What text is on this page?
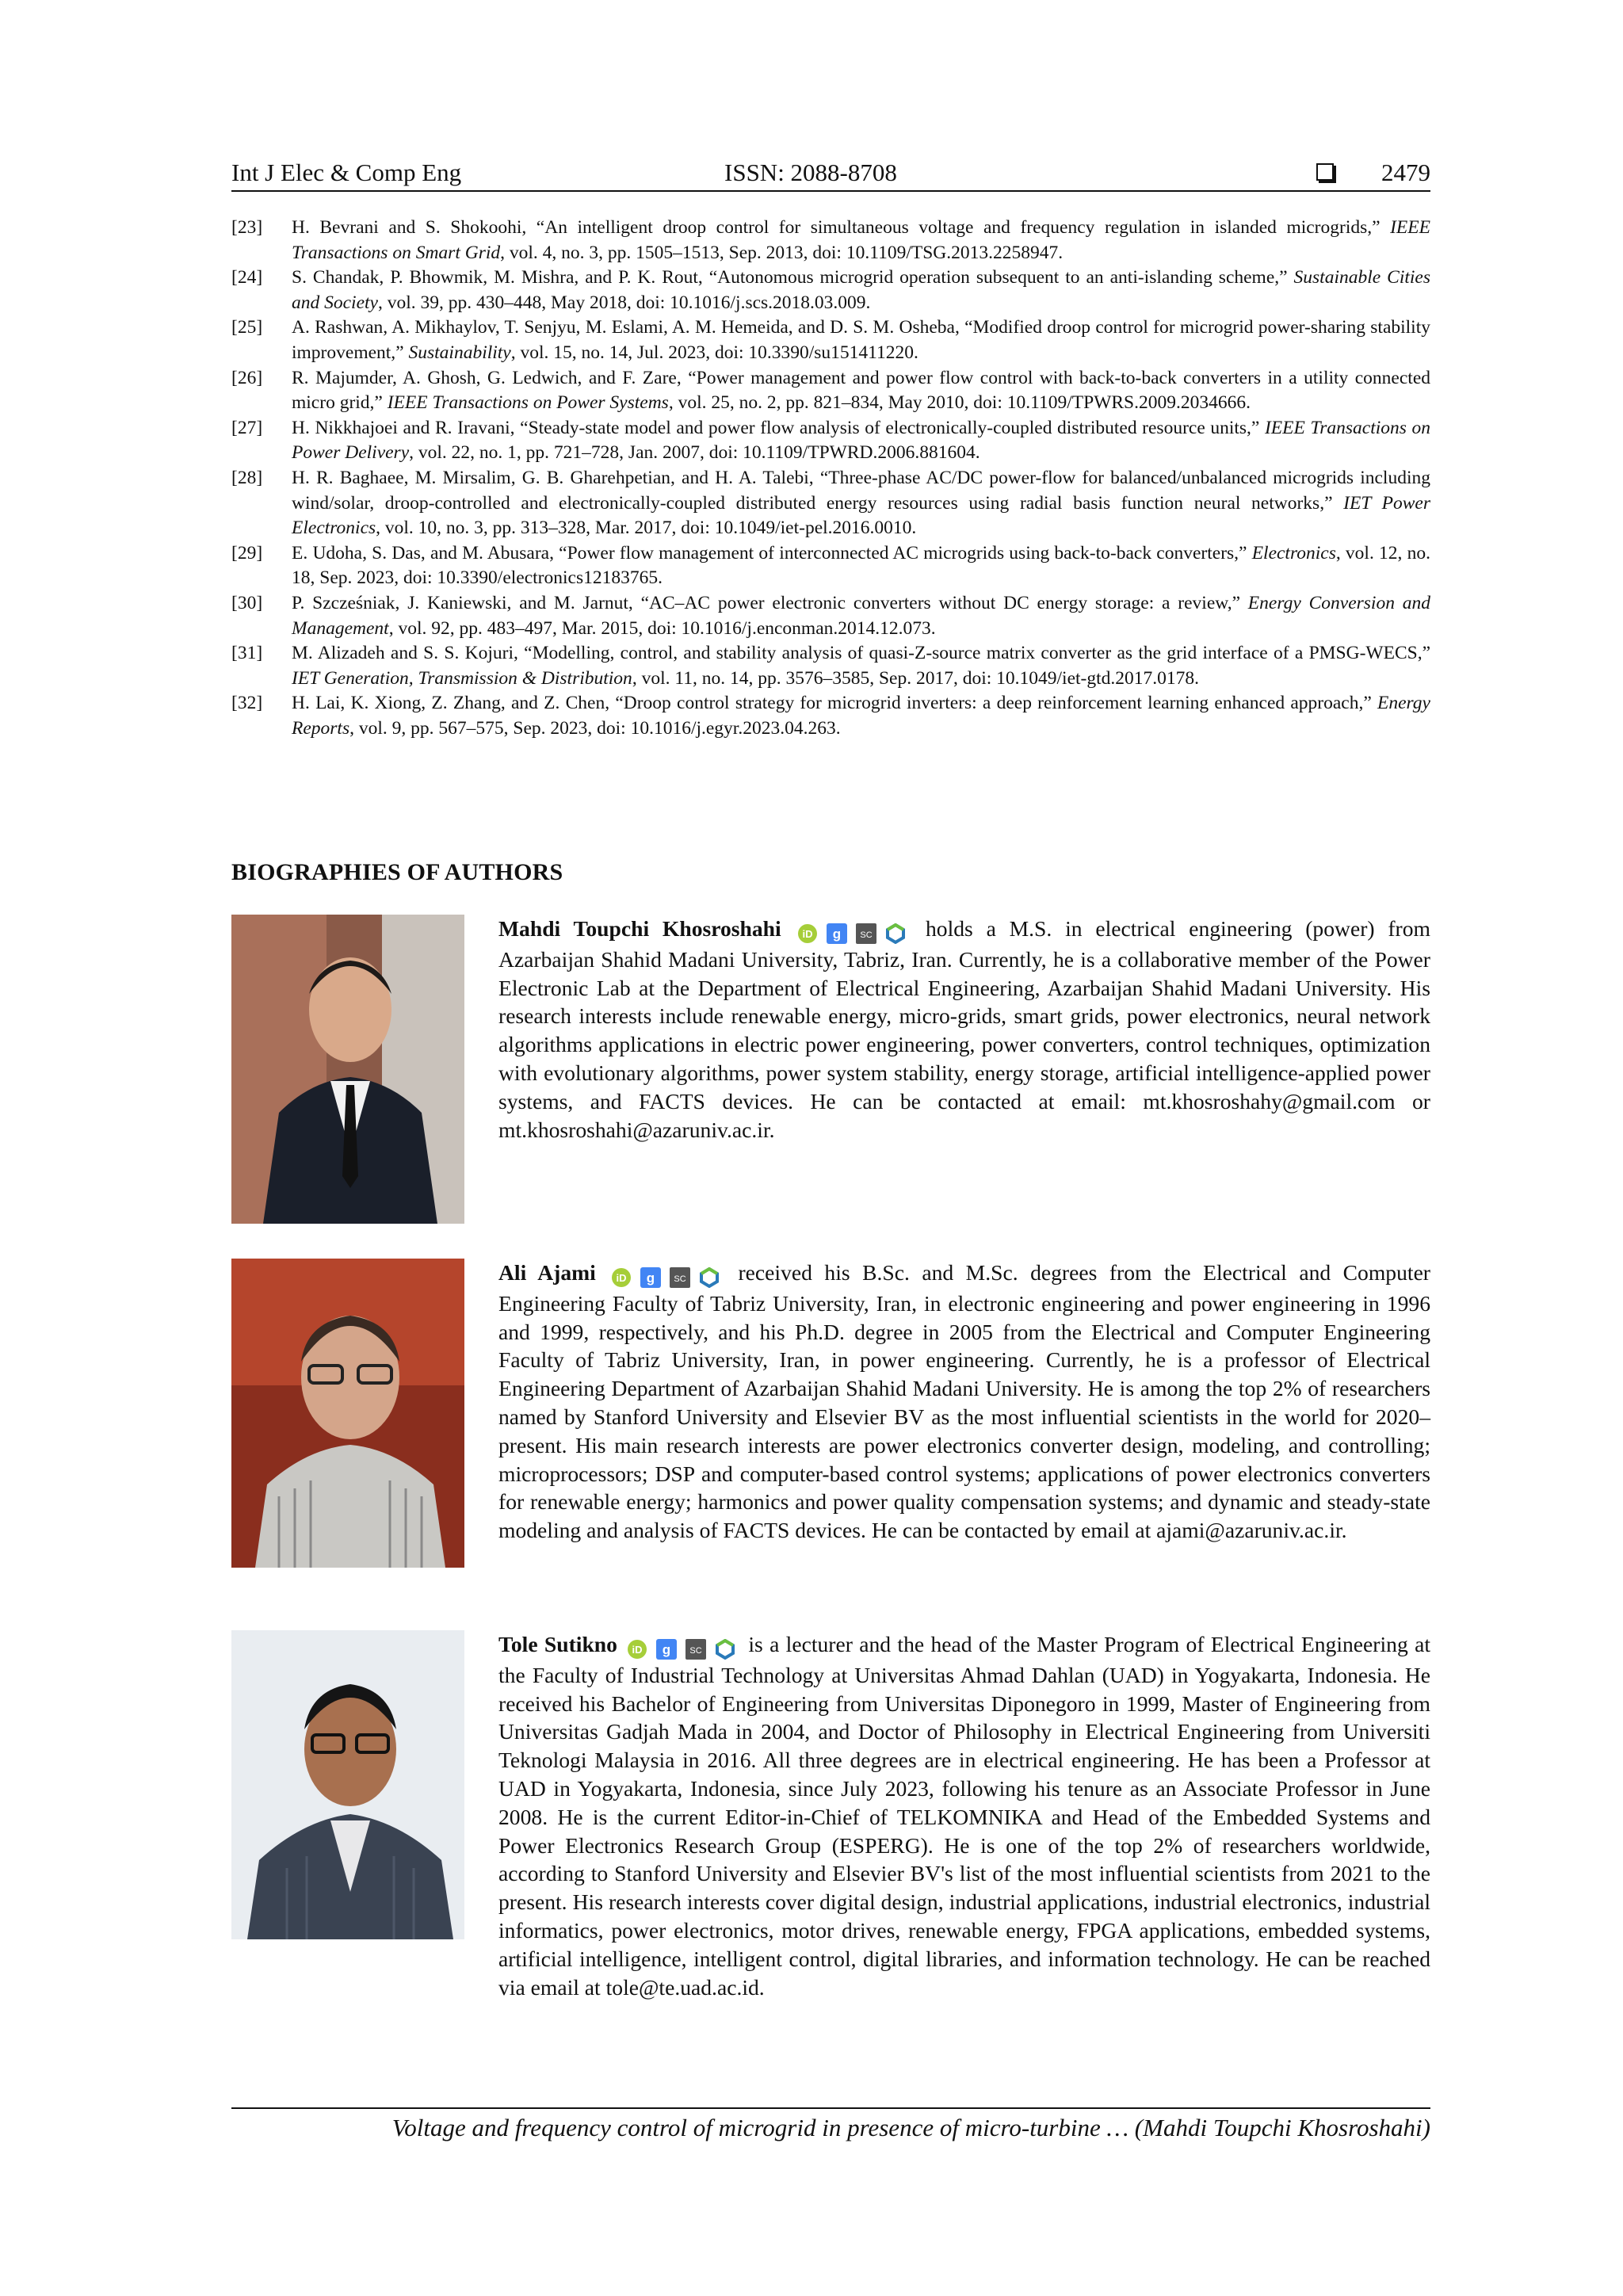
Int J Elec & Comp Eng	ISSN: 2088-8708	2479
[23] H. Bevrani and S. Shokoohi, “An intelligent droop control for simultaneous voltage and frequency regulation in islanded microgrids,” IEEE Transactions on Smart Grid, vol. 4, no. 3, pp. 1505–1513, Sep. 2013, doi: 10.1109/TSG.2013.2258947.
[24] S. Chandak, P. Bhowmik, M. Mishra, and P. K. Rout, “Autonomous microgrid operation subsequent to an anti-islanding scheme,” Sustainable Cities and Society, vol. 39, pp. 430–448, May 2018, doi: 10.1016/j.scs.2018.03.009.
[25] A. Rashwan, A. Mikhaylov, T. Senjyu, M. Eslami, A. M. Hemeida, and D. S. M. Osheba, “Modified droop control for microgrid power-sharing stability improvement,” Sustainability, vol. 15, no. 14, Jul. 2023, doi: 10.3390/su151411220.
[26] R. Majumder, A. Ghosh, G. Ledwich, and F. Zare, “Power management and power flow control with back-to-back converters in a utility connected micro grid,” IEEE Transactions on Power Systems, vol. 25, no. 2, pp. 821–834, May 2010, doi: 10.1109/TPWRS.2009.2034666.
[27] H. Nikkhajoei and R. Iravani, “Steady-state model and power flow analysis of electronically-coupled distributed resource units,” IEEE Transactions on Power Delivery, vol. 22, no. 1, pp. 721–728, Jan. 2007, doi: 10.1109/TPWRD.2006.881604.
[28] H. R. Baghaee, M. Mirsalim, G. B. Gharehpetian, and H. A. Talebi, “Three-phase AC/DC power-flow for balanced/unbalanced microgrids including wind/solar, droop-controlled and electronically-coupled distributed energy resources using radial basis function neural networks,” IET Power Electronics, vol. 10, no. 3, pp. 313–328, Mar. 2017, doi: 10.1049/iet-pel.2016.0010.
[29] E. Udoha, S. Das, and M. Abusara, “Power flow management of interconnected AC microgrids using back-to-back converters,” Electronics, vol. 12, no. 18, Sep. 2023, doi: 10.3390/electronics12183765.
[30] P. Szcześniak, J. Kaniewski, and M. Jarnut, “AC–AC power electronic converters without DC energy storage: a review,” Energy Conversion and Management, vol. 92, pp. 483–497, Mar. 2015, doi: 10.1016/j.enconman.2014.12.073.
[31] M. Alizadeh and S. S. Kojuri, “Modelling, control, and stability analysis of quasi-Z-source matrix converter as the grid interface of a PMSG-WECS,” IET Generation, Transmission & Distribution, vol. 11, no. 14, pp. 3576–3585, Sep. 2017, doi: 10.1049/iet-gtd.2017.0178.
[32] H. Lai, K. Xiong, Z. Zhang, and Z. Chen, “Droop control strategy for microgrid inverters: a deep reinforcement learning enhanced approach,” Energy Reports, vol. 9, pp. 567–575, Sep. 2023, doi: 10.1016/j.egyr.2023.04.263.
BIOGRAPHIES OF AUTHORS
Mahdi Toupchi Khosroshahi iD
g
SC holds a M.S. in electrical engineering (power) from Azarbaijan Shahid Madani University, Tabriz, Iran. Currently, he is a collaborative member of the Power Electronic Lab at the Department of Electrical Engineering, Azarbaijan Shahid Madani University. His research interests include renewable energy, micro-grids, smart grids, power electronics, neural network algorithms applications in electric power engineering, power converters, control techniques, optimization with evolutionary algorithms, power system stability, energy storage, artificial intelligence-applied power systems, and FACTS devices. He can be contacted at email: mt.khosroshahy@gmail.com or mt.khosroshahi@azaruniv.ac.ir.
Ali Ajami iD
g
SC received his B.Sc. and M.Sc. degrees from the Electrical and Computer Engineering Faculty of Tabriz University, Iran, in electronic engineering and power engineering in 1996 and 1999, respectively, and his Ph.D. degree in 2005 from the Electrical and Computer Engineering Faculty of Tabriz University, Iran, in power engineering. Currently, he is a professor of Electrical Engineering Department of Azarbaijan Shahid Madani University. He is among the top 2% of researchers named by Stanford University and Elsevier BV as the most influential scientists in the world for 2020–present. His main research interests are power electronics converter design, modeling, and controlling; microprocessors; DSP and computer-based control systems; applications of power electronics converters for renewable energy; harmonics and power quality compensation systems; and dynamic and steady-state modeling and analysis of FACTS devices. He can be contacted by email at ajami@azaruniv.ac.ir.
Tole Sutikno iD
g
SC is a lecturer and the head of the Master Program of Electrical Engineering at the Faculty of Industrial Technology at Universitas Ahmad Dahlan (UAD) in Yogyakarta, Indonesia. He received his Bachelor of Engineering from Universitas Diponegoro in 1999, Master of Engineering from Universitas Gadjah Mada in 2004, and Doctor of Philosophy in Electrical Engineering from Universiti Teknologi Malaysia in 2016. All three degrees are in electrical engineering. He has been a Professor at UAD in Yogyakarta, Indonesia, since July 2023, following his tenure as an Associate Professor in June 2008. He is the current Editor-in-Chief of TELKOMNIKA and Head of the Embedded Systems and Power Electronics Research Group (ESPERG). He is one of the top 2% of researchers worldwide, according to Stanford University and Elsevier BV's list of the most influential scientists from 2021 to the present. His research interests cover digital design, industrial applications, industrial electronics, industrial informatics, power electronics, motor drives, renewable energy, FPGA applications, embedded systems, artificial intelligence, intelligent control, digital libraries, and information technology. He can be reached via email at tole@te.uad.ac.id.
Voltage and frequency control of microgrid in presence of micro-turbine … (Mahdi Toupchi Khosroshahi)
